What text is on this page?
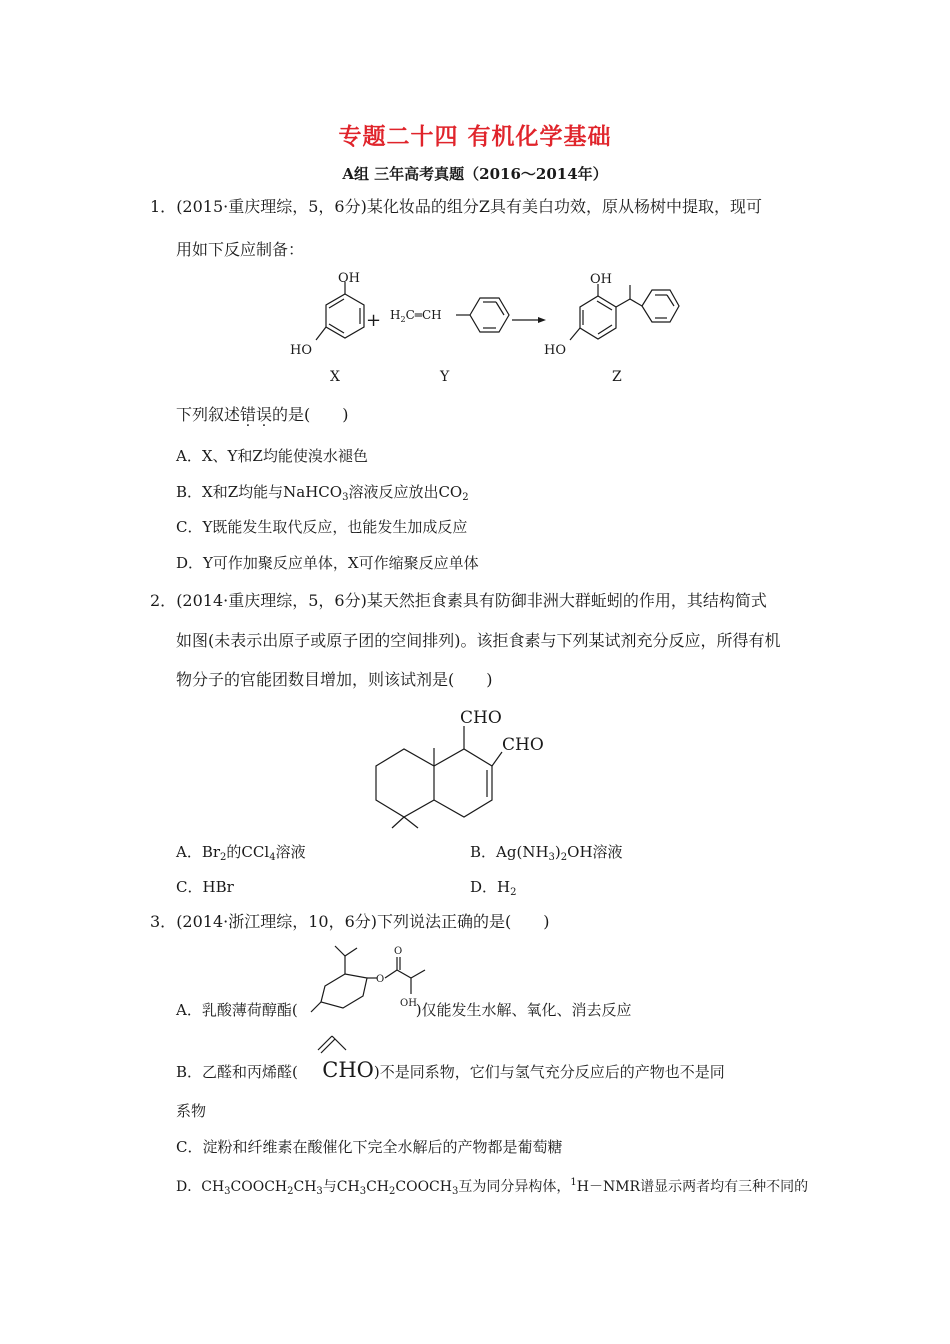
专题二十四 有机化学基础
A组 三年高考真题（2016～2014年）
1．(2015·重庆理综，5，6分)某化妆品的组分Z具有美白功效，原从杨树中提取，现可
用如下反应制备：
OH
HO
X
+ $H_2C═CH$
Y
OH
HO
Z
下列叙述错误的是(　　)
A．X、Y和Z均能使溴水褪色
B．X和Z均能与NaHCO$_3$溶液反应放出$CO_2$
C．Y既能发生取代反应，也能发生加成反应
D．Y可作加聚反应单体，X可作缩聚反应单体
2．(2014·重庆理综，5，6分)某天然拒食素具有防御非洲大群蚯蚓的作用，其结构简式
如图(未表示出原子或原子团的空间排列)。该拒食素与下列某试剂充分反应，所得有机
物分子的官能团数目增加，则该试剂是(　　)
CHO
CHO
A．$Br_2$的CCl$_4$溶液	B．$Ag(NH_3)_2OH$溶液
C．HBr	D．$H_2$
3．(2014·浙江理综，10，6分)下列说法正确的是(　　)
O
O
OH
A．乳酸薄荷醇酯(	)仅能发生水解、氧化、消去反应
B．乙醛和丙烯醛( CHO)不是同系物，它们与氢气充分反应后的产物也不是同
系物
C．淀粉和纤维素在酸催化下完全水解后的产物都是葡萄糖
D．$CH_3COOCH_2CH_3$与$CH_3CH_2COOCH_3$互为同分异构体，$^1$H－NMR谱显示两者均有三种不同的
